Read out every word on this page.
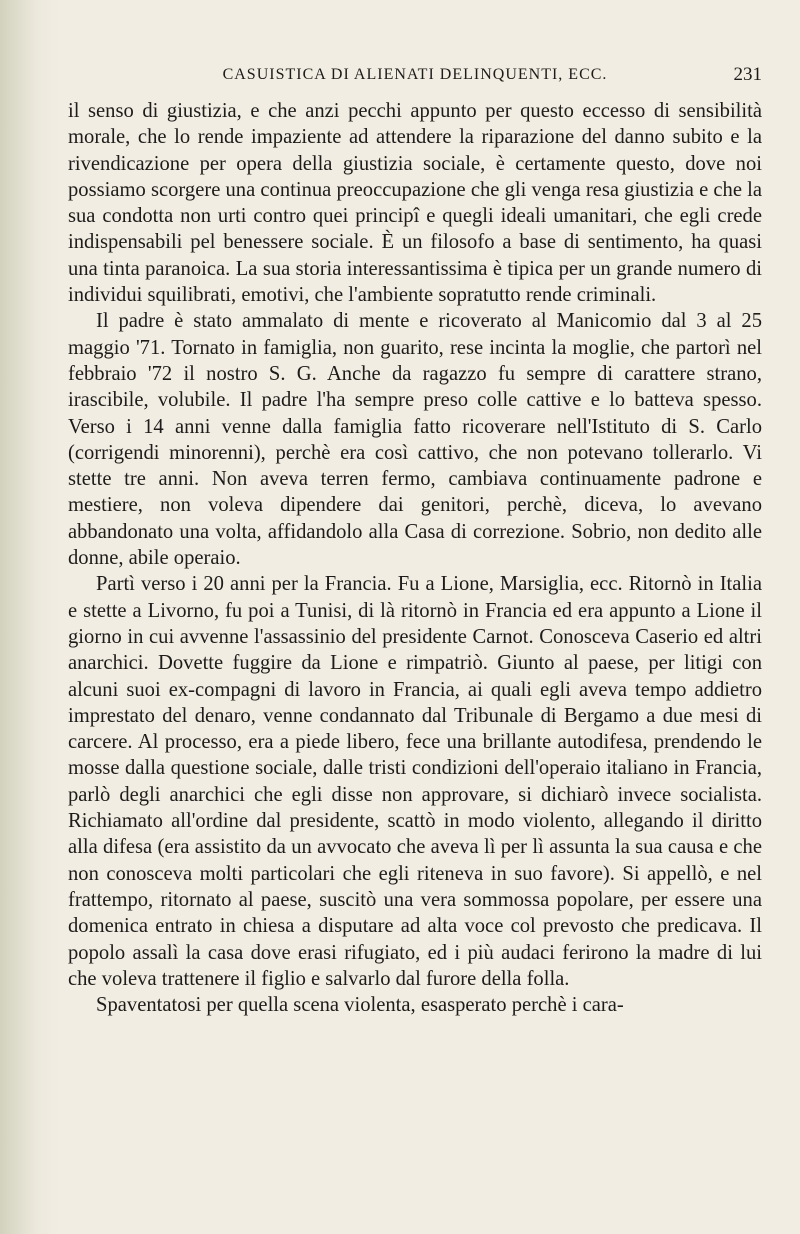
CASUISTICA DI ALIENATI DELINQUENTI, ECC.	231

il senso di giustizia, e che anzi pecchi appunto per questo eccesso di sensibilità morale, che lo rende impaziente ad attendere la riparazione del danno subito e la rivendicazione per opera della giustizia sociale, è certamente questo, dove noi possiamo scorgere una continua preoccupazione che gli venga resa giustizia e che la sua condotta non urti contro quei principî e quegli ideali umanitari, che egli crede indispensabili pel benessere sociale. È un filosofo a base di sentimento, ha quasi una tinta paranoica. La sua storia interessantissima è tipica per un grande numero di individui squilibrati, emotivi, che l'ambiente sopratutto rende criminali.

Il padre è stato ammalato di mente e ricoverato al Manicomio dal 3 al 25 maggio '71. Tornato in famiglia, non guarito, rese incinta la moglie, che partorì nel febbraio '72 il nostro S. G. Anche da ragazzo fu sempre di carattere strano, irascibile, volubile. Il padre l'ha sempre preso colle cattive e lo batteva spesso. Verso i 14 anni venne dalla famiglia fatto ricoverare nell'Istituto di S. Carlo (corrigendi minorenni), perchè era così cattivo, che non potevano tollerarlo. Vi stette tre anni. Non aveva terren fermo, cambiava continuamente padrone e mestiere, non voleva dipendere dai genitori, perchè, diceva, lo avevano abbandonato una volta, affidandolo alla Casa di correzione. Sobrio, non dedito alle donne, abile operaio.

Partì verso i 20 anni per la Francia. Fu a Lione, Marsiglia, ecc. Ritornò in Italia e stette a Livorno, fu poi a Tunisi, di là ritornò in Francia ed era appunto a Lione il giorno in cui avvenne l'assassinio del presidente Carnot. Conosceva Caserio ed altri anarchici. Dovette fuggire da Lione e rimpatriò. Giunto al paese, per litigi con alcuni suoi ex-compagni di lavoro in Francia, ai quali egli aveva tempo addietro imprestato del denaro, venne condannato dal Tribunale di Bergamo a due mesi di carcere. Al processo, era a piede libero, fece una brillante autodifesa, prendendo le mosse dalla questione sociale, dalle tristi condizioni dell'operaio italiano in Francia, parlò degli anarchici che egli disse non approvare, si dichiarò invece socialista. Richiamato all'ordine dal presidente, scattò in modo violento, allegando il diritto alla difesa (era assistito da un avvocato che aveva lì per lì assunta la sua causa e che non conosceva molti particolari che egli riteneva in suo favore). Si appellò, e nel frattempo, ritornato al paese, suscitò una vera sommossa popolare, per essere una domenica entrato in chiesa a disputare ad alta voce col prevosto che predicava. Il popolo assalì la casa dove erasi rifugiato, ed i più audaci ferirono la madre di lui che voleva trattenere il figlio e salvarlo dal furore della folla.

Spaventatosi per quella scena violenta, esasperato perchè i cara-
